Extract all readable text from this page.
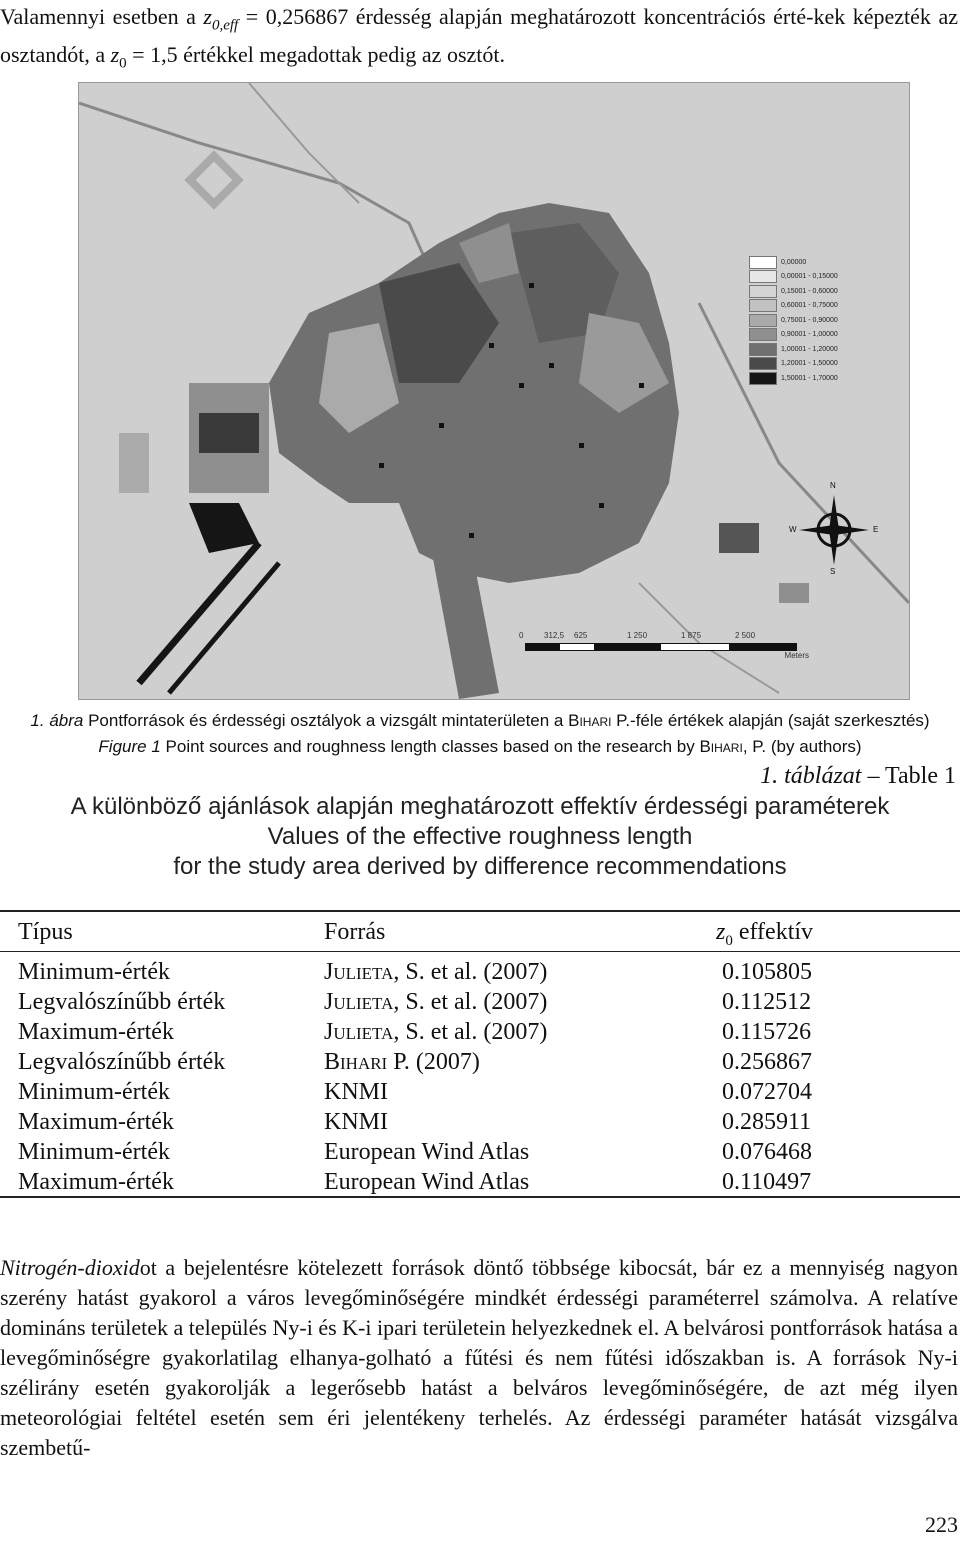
Valamennyi esetben a $z_{0,eff} = 0,256867$ érdesség alapján meghatározott koncentrációs érté-kek képezték az osztandót, a $z_0 = 1,5$ értékkel megadottak pedig az osztót.
0,00000
0,00001 - 0,15000
0,15001 - 0,60000
0,60001 - 0,75000
0,75001 - 0,90000
0,90001 - 1,00000
1,00001 - 1,20000
1,20001 - 1,50000
1,50001 - 1,70000
N
S
E
W
0	312,5 625	1 250	1 875	2 500
Meters
1. ábra Pontforrások és érdességi osztályok a vizsgált mintaterületen a Bihari P.-féle értékek alapján (saját szerkesztés)
Figure 1 Point sources and roughness length classes based on the research by Bihari, P. (by authors)
1. táblázat – Table 1
A különböző ajánlások alapján meghatározott effektív érdességi paraméterek
Values of the effective roughness length
for the study area derived by difference recommendations
Típus	Forrás	$z_0$ effektív
Minimum-érték	Julieta, S. et al. (2007)	0.105805
Legvalószínűbb érték	Julieta, S. et al. (2007)	0.112512
Maximum-érték	Julieta, S. et al. (2007)	0.115726
Legvalószínűbb érték	Bihari P. (2007)	0.256867
Minimum-érték	KNMI	0.072704
Maximum-érték	KNMI	0.285911
Minimum-érték	European Wind Atlas	0.076468
Maximum-érték	European Wind Atlas	0.110497
Nitrogén-dioxidot a bejelentésre kötelezett források döntő többsége kibocsát, bár ez a mennyiség nagyon szerény hatást gyakorol a város levegőminőségére mindkét érdességi paraméterrel számolva. A relatíve domináns területek a település Ny-i és K-i ipari területein helyezkednek el. A belvárosi pontforrások hatása a levegőminőségre gyakorlatilag elhanya-golható a fűtési és nem fűtési időszakban is. A források Ny-i szélirány esetén gyakorolják a legerősebb hatást a belváros levegőminőségére, de azt még ilyen meteorológiai feltétel esetén sem éri jelentékeny terhelés. Az érdességi paraméter hatását vizsgálva szembetű-
223
